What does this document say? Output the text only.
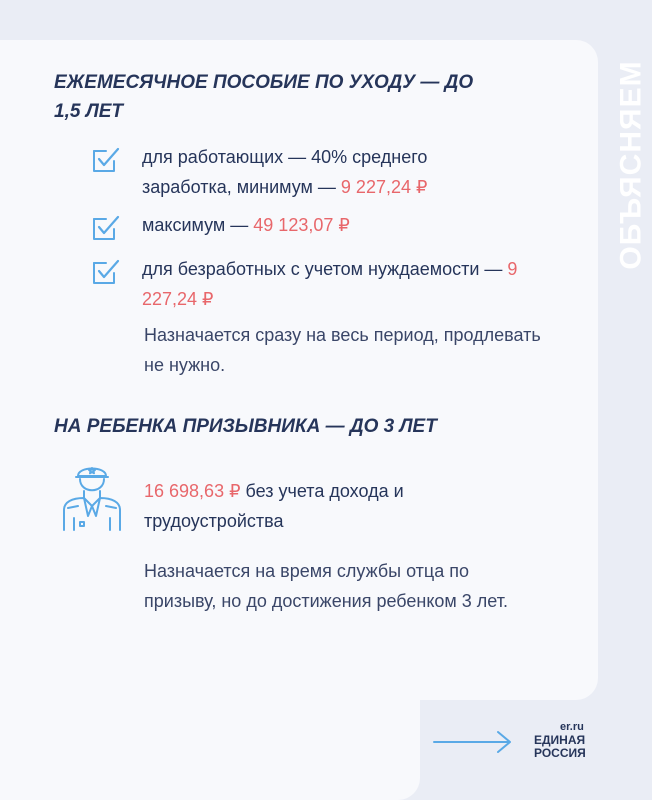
ОБЪЯСНЯЕМ
ЕЖЕМЕСЯЧНОЕ ПОСОБИЕ ПО УХОДУ — ДО 1,5 ЛЕТ
для работающих — 40% среднего заработка, минимум — 9 227,24 ₽
максимум — 49 123,07 ₽
для безработных с учетом нуждаемости — 9 227,24 ₽

Назначается сразу на весь период, продлевать не нужно.

НА РЕБЕНКА ПРИЗЫВНИКА — ДО 3 ЛЕТ
16 698,63 ₽ без учета дохода и трудоустройства

Назначается на время службы отца по призыву, но до достижения ребенком 3 лет.

er.ru
ЕДИНАЯ
РОССИЯ
